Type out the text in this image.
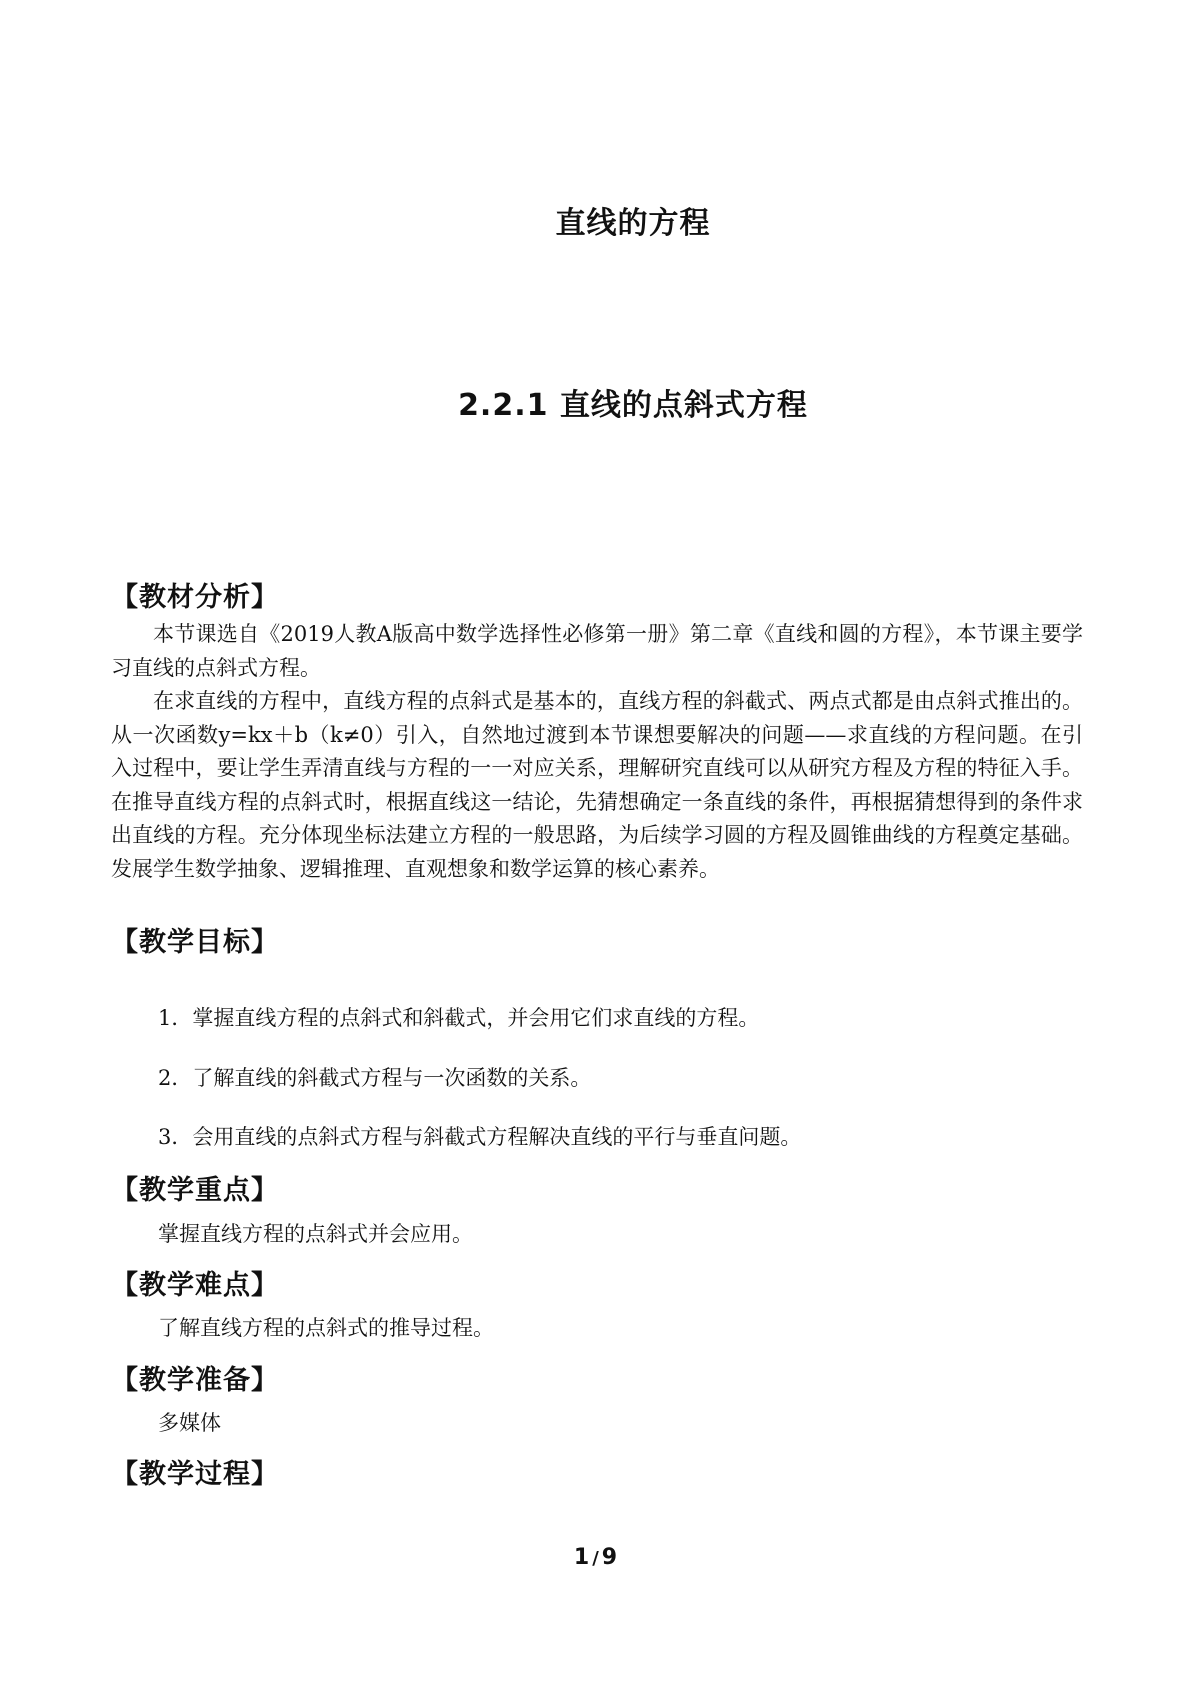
直线的方程
2.2.1 直线的点斜式方程
【教材分析】

本节课选自《2019人教A版高中数学选择性必修第一册》第二章《直线和圆的方程》，本节课主要学习直线的点斜式方程。

在求直线的方程中，直线方程的点斜式是基本的，直线方程的斜截式、两点式都是由点斜式推出的。从一次函数y=kx＋b（k≠0）引入，自然地过渡到本节课想要解决的问题——求直线的方程问题。在引入过程中，要让学生弄清直线与方程的一一对应关系，理解研究直线可以从研究方程及方程的特征入手。在推导直线方程的点斜式时，根据直线这一结论，先猜想确定一条直线的条件，再根据猜想得到的条件求出直线的方程。充分体现坐标法建立方程的一般思路，为后续学习圆的方程及圆锥曲线的方程奠定基础。发展学生数学抽象、逻辑推理、直观想象和数学运算的核心素养。

【教学目标】
1．掌握直线方程的点斜式和斜截式，并会用它们求直线的方程。
2．了解直线的斜截式方程与一次函数的关系。
3．会用直线的点斜式方程与斜截式方程解决直线的平行与垂直问题。
【教学重点】
掌握直线方程的点斜式并会应用。
【教学难点】
了解直线方程的点斜式的推导过程。
【教学准备】
多媒体
【教学过程】
1 / 9
